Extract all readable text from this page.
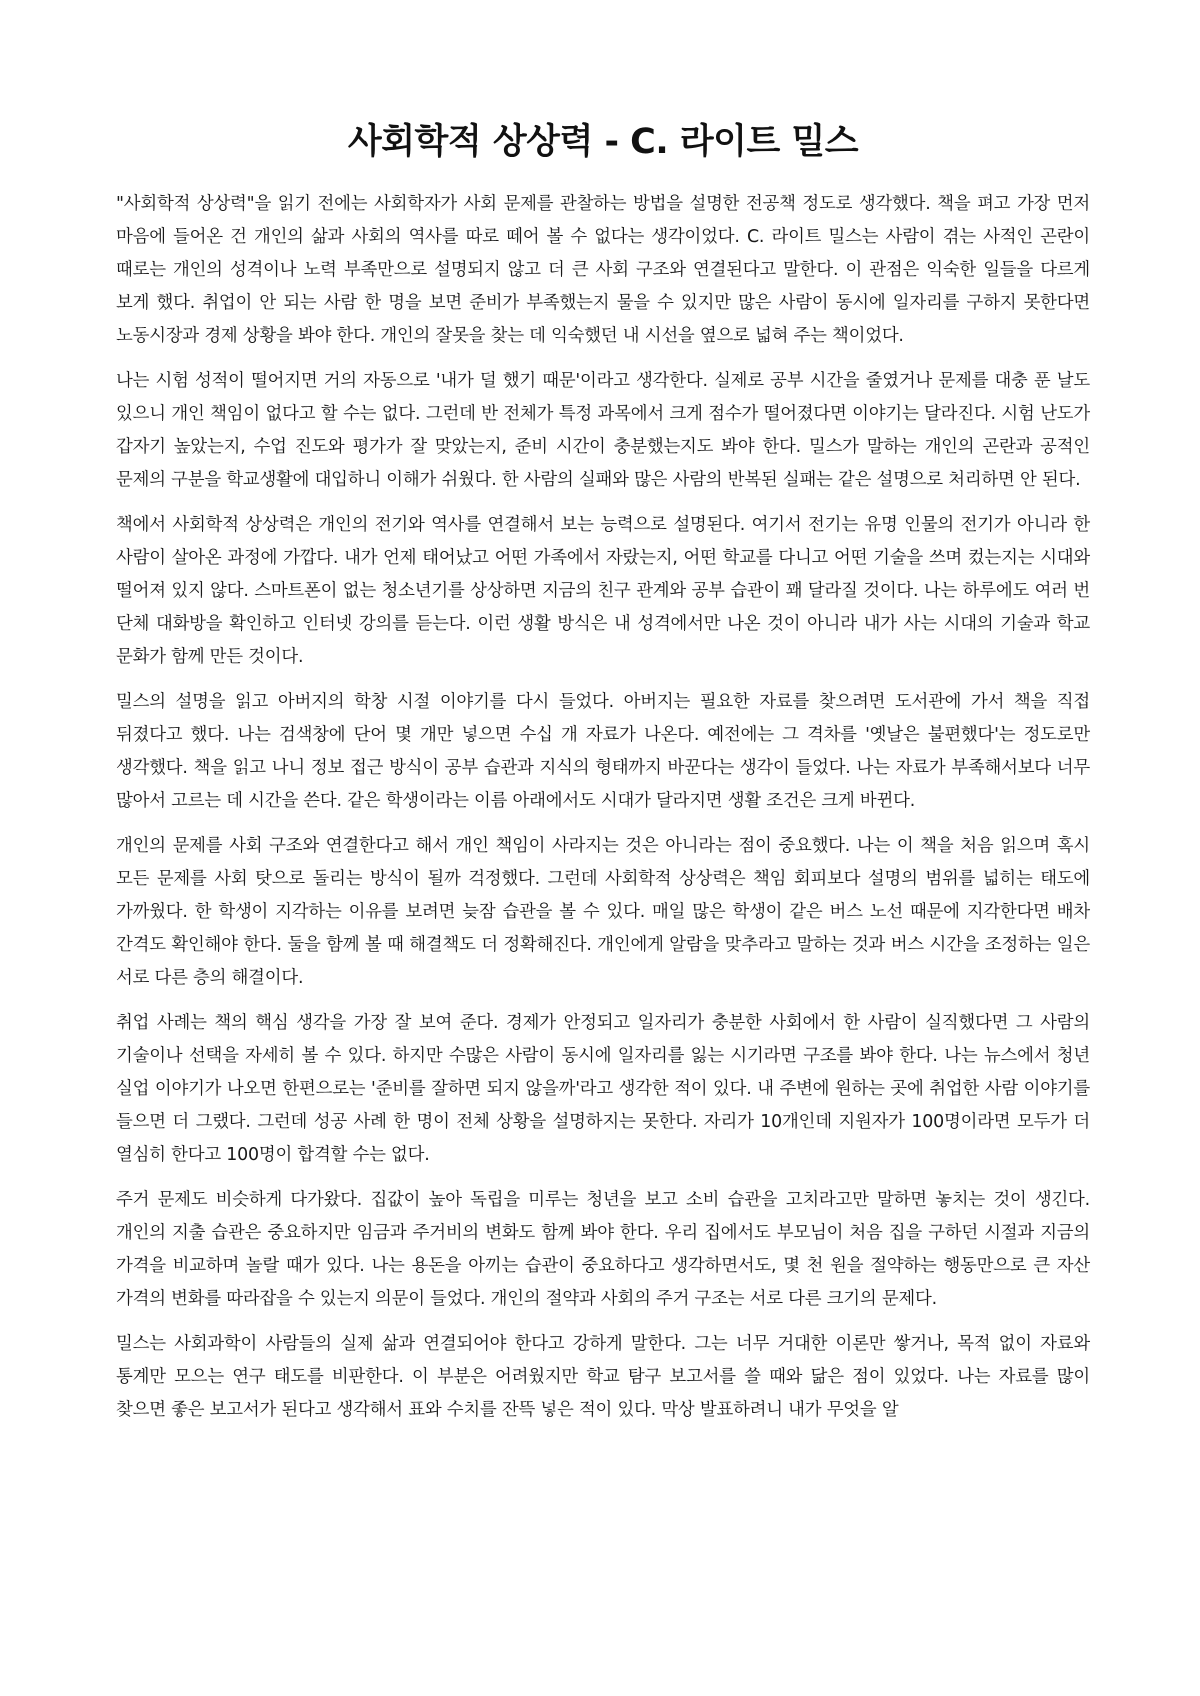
사회학적 상상력 - C. 라이트 밀스

"사회학적 상상력"을 읽기 전에는 사회학자가 사회 문제를 관찰하는 방법을 설명한 전공책 정도로 생각했다. 책을 펴고 가장 먼저 마음에 들어온 건 개인의 삶과 사회의 역사를 따로 떼어 볼 수 없다는 생각이었다. C. 라이트 밀스는 사람이 겪는 사적인 곤란이 때로는 개인의 성격이나 노력 부족만으로 설명되지 않고 더 큰 사회 구조와 연결된다고 말한다. 이 관점은 익숙한 일들을 다르게 보게 했다. 취업이 안 되는 사람 한 명을 보면 준비가 부족했는지 물을 수 있지만 많은 사람이 동시에 일자리를 구하지 못한다면 노동시장과 경제 상황을 봐야 한다. 개인의 잘못을 찾는 데 익숙했던 내 시선을 옆으로 넓혀 주는 책이었다.

나는 시험 성적이 떨어지면 거의 자동으로 '내가 덜 했기 때문'이라고 생각한다. 실제로 공부 시간을 줄였거나 문제를 대충 푼 날도 있으니 개인 책임이 없다고 할 수는 없다. 그런데 반 전체가 특정 과목에서 크게 점수가 떨어졌다면 이야기는 달라진다. 시험 난도가 갑자기 높았는지, 수업 진도와 평가가 잘 맞았는지, 준비 시간이 충분했는지도 봐야 한다. 밀스가 말하는 개인의 곤란과 공적인 문제의 구분을 학교생활에 대입하니 이해가 쉬웠다. 한 사람의 실패와 많은 사람의 반복된 실패는 같은 설명으로 처리하면 안 된다.

책에서 사회학적 상상력은 개인의 전기와 역사를 연결해서 보는 능력으로 설명된다. 여기서 전기는 유명 인물의 전기가 아니라 한 사람이 살아온 과정에 가깝다. 내가 언제 태어났고 어떤 가족에서 자랐는지, 어떤 학교를 다니고 어떤 기술을 쓰며 컸는지는 시대와 떨어져 있지 않다. 스마트폰이 없는 청소년기를 상상하면 지금의 친구 관계와 공부 습관이 꽤 달라질 것이다. 나는 하루에도 여러 번 단체 대화방을 확인하고 인터넷 강의를 듣는다. 이런 생활 방식은 내 성격에서만 나온 것이 아니라 내가 사는 시대의 기술과 학교 문화가 함께 만든 것이다.

밀스의 설명을 읽고 아버지의 학창 시절 이야기를 다시 들었다. 아버지는 필요한 자료를 찾으려면 도서관에 가서 책을 직접 뒤졌다고 했다. 나는 검색창에 단어 몇 개만 넣으면 수십 개 자료가 나온다. 예전에는 그 격차를 '옛날은 불편했다'는 정도로만 생각했다. 책을 읽고 나니 정보 접근 방식이 공부 습관과 지식의 형태까지 바꾼다는 생각이 들었다. 나는 자료가 부족해서보다 너무 많아서 고르는 데 시간을 쓴다. 같은 학생이라는 이름 아래에서도 시대가 달라지면 생활 조건은 크게 바뀐다.

개인의 문제를 사회 구조와 연결한다고 해서 개인 책임이 사라지는 것은 아니라는 점이 중요했다. 나는 이 책을 처음 읽으며 혹시 모든 문제를 사회 탓으로 돌리는 방식이 될까 걱정했다. 그런데 사회학적 상상력은 책임 회피보다 설명의 범위를 넓히는 태도에 가까웠다. 한 학생이 지각하는 이유를 보려면 늦잠 습관을 볼 수 있다. 매일 많은 학생이 같은 버스 노선 때문에 지각한다면 배차 간격도 확인해야 한다. 둘을 함께 볼 때 해결책도 더 정확해진다. 개인에게 알람을 맞추라고 말하는 것과 버스 시간을 조정하는 일은 서로 다른 층의 해결이다.

취업 사례는 책의 핵심 생각을 가장 잘 보여 준다. 경제가 안정되고 일자리가 충분한 사회에서 한 사람이 실직했다면 그 사람의 기술이나 선택을 자세히 볼 수 있다. 하지만 수많은 사람이 동시에 일자리를 잃는 시기라면 구조를 봐야 한다. 나는 뉴스에서 청년 실업 이야기가 나오면 한편으로는 '준비를 잘하면 되지 않을까'라고 생각한 적이 있다. 내 주변에 원하는 곳에 취업한 사람 이야기를 들으면 더 그랬다. 그런데 성공 사례 한 명이 전체 상황을 설명하지는 못한다. 자리가 10개인데 지원자가 100명이라면 모두가 더 열심히 한다고 100명이 합격할 수는 없다.

주거 문제도 비슷하게 다가왔다. 집값이 높아 독립을 미루는 청년을 보고 소비 습관을 고치라고만 말하면 놓치는 것이 생긴다. 개인의 지출 습관은 중요하지만 임금과 주거비의 변화도 함께 봐야 한다. 우리 집에서도 부모님이 처음 집을 구하던 시절과 지금의 가격을 비교하며 놀랄 때가 있다. 나는 용돈을 아끼는 습관이 중요하다고 생각하면서도, 몇 천 원을 절약하는 행동만으로 큰 자산 가격의 변화를 따라잡을 수 있는지 의문이 들었다. 개인의 절약과 사회의 주거 구조는 서로 다른 크기의 문제다.

밀스는 사회과학이 사람들의 실제 삶과 연결되어야 한다고 강하게 말한다. 그는 너무 거대한 이론만 쌓거나, 목적 없이 자료와 통계만 모으는 연구 태도를 비판한다. 이 부분은 어려웠지만 학교 탐구 보고서를 쓸 때와 닮은 점이 있었다. 나는 자료를 많이 찾으면 좋은 보고서가 된다고 생각해서 표와 수치를 잔뜩 넣은 적이 있다. 막상 발표하려니 내가 무엇을 알
